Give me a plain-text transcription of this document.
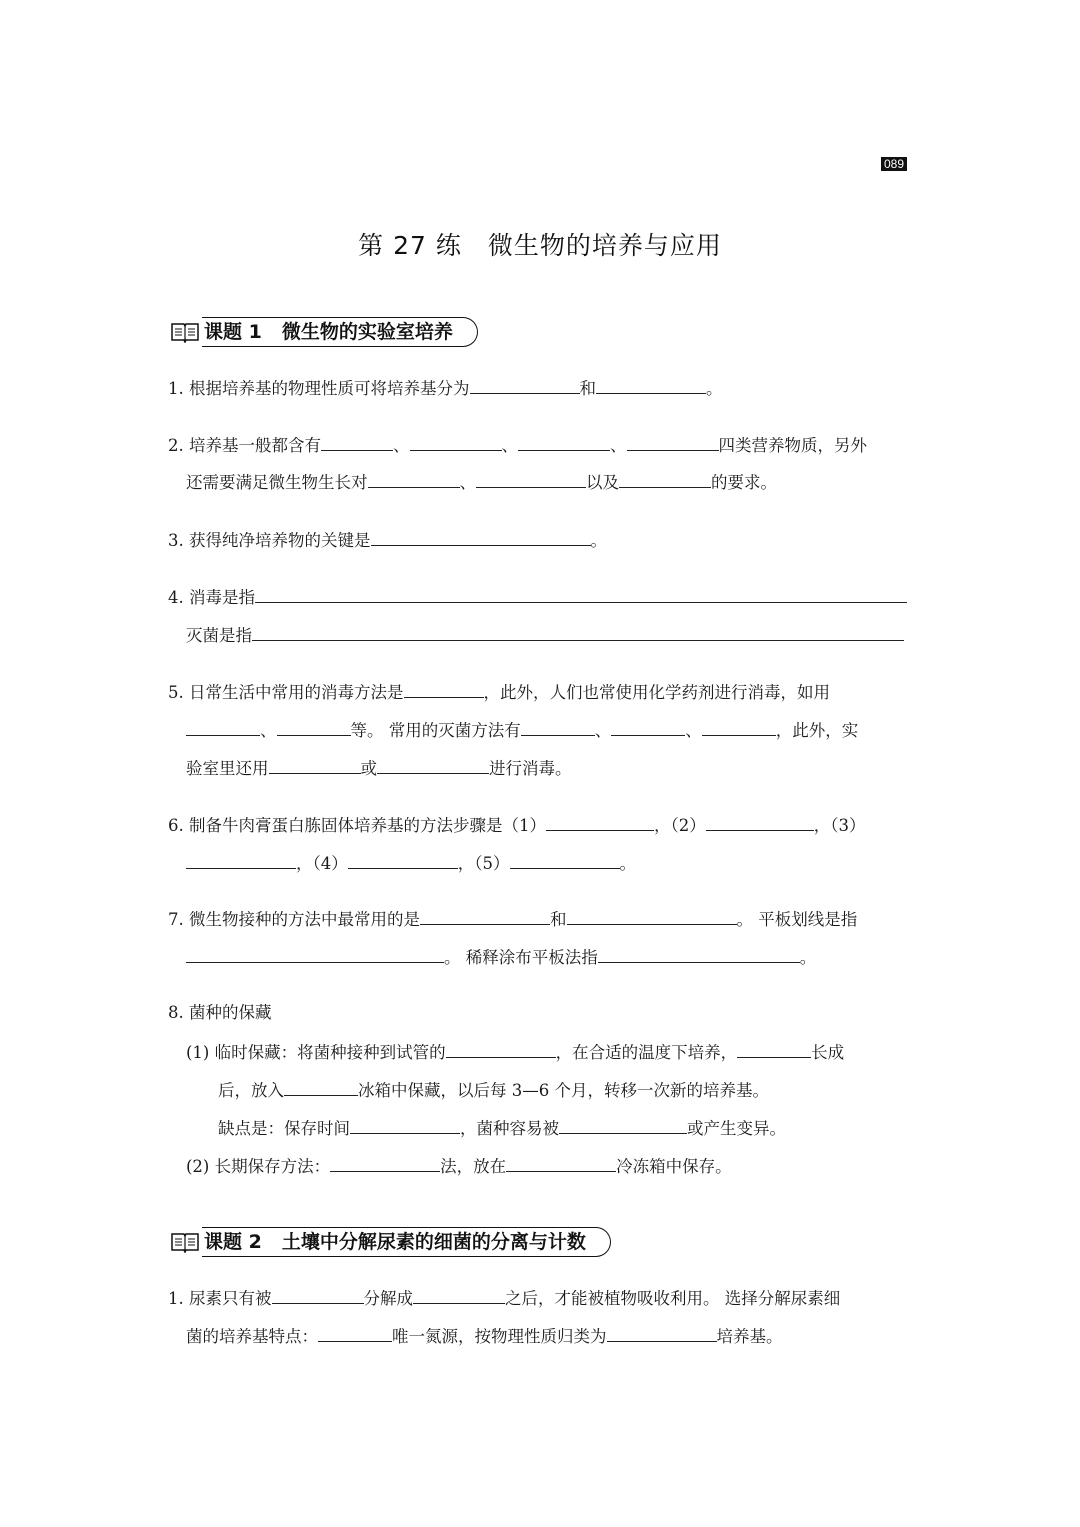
089
第 27 练　微生物的培养与应用
课题 1 微生物的实验室培养
1. 根据培养基的物理性质可将培养基分为	和	。
2. 培养基一般都含有	、	、	、	四类营养物质，另外
还需要满足微生物生长对	、	以及	的要求。
3. 获得纯净培养物的关键是	。
4. 消毒是指
灭菌是指
5. 日常生活中常用的消毒方法是	，此外，人们也常使用化学药剂进行消毒，如用
、	等。 常用的灭菌方法有	、	、	，此外，实
验室里还用	或	进行消毒。
6. 制备牛肉膏蛋白胨固体培养基的方法步骤是（1）	，（2）	，（3）
，（4）	，（5）	。
7. 微生物接种的方法中最常用的是	和	。 平板划线是指
。 稀释涂布平板法指	。
8. 菌种的保藏
(1) 临时保藏：将菌种接种到试管的	，在合适的温度下培养，	长成
后，放入	冰箱中保藏，以后每 3—6 个月，转移一次新的培养基。
缺点是：保存时间	，菌种容易被	或产生变异。
(2) 长期保存方法：	法，放在	冷冻箱中保存。
课题 2 土壤中分解尿素的细菌的分离与计数
1. 尿素只有被	分解成	之后，才能被植物吸收利用。 选择分解尿素细
菌的培养基特点：	唯一氮源，按物理性质归类为	培养基。
